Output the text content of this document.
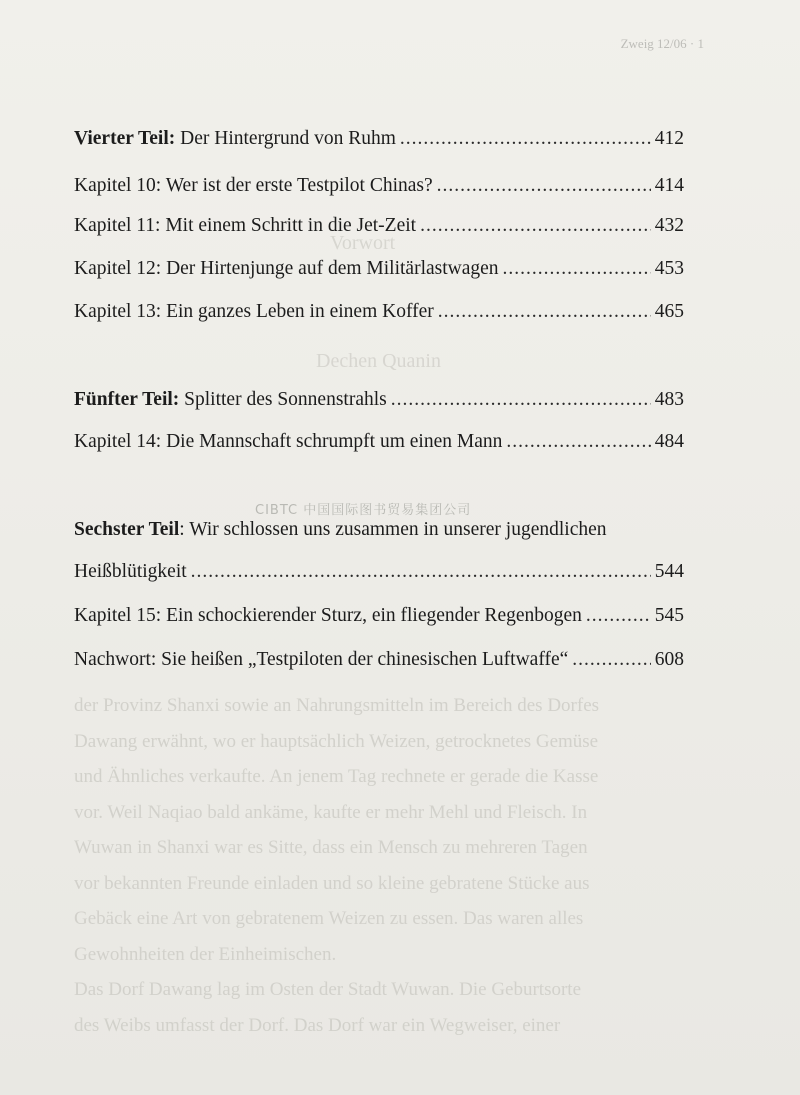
Zweig 12/06 · 1
Vorwort
Dechen Quanin
der Provinz Shanxi sowie an Nahrungsmitteln im Bereich des Dorfes
Dawang erwähnt, wo er hauptsächlich Weizen, getrocknetes Gemüse
und Ähnliches verkaufte. An jenem Tag rechnete er gerade die Kasse
vor. Weil Naqiao bald ankäme, kaufte er mehr Mehl und Fleisch. In
Wuwan in Shanxi war es Sitte, dass ein Mensch zu mehreren Tagen
vor bekannten Freunde einladen und so kleine gebratene Stücke aus
Gebäck eine Art von gebratenem Weizen zu essen. Das waren alles
Gewohnheiten der Einheimischen.
Das Dorf Dawang lag im Osten der Stadt Wuwan. Die Geburtsorte
des Weibs umfasst der Dorf. Das Dorf war ein Wegweiser, einer
CIBTC 中国国际图书贸易集团公司
Vierter Teil: Der Hintergrund von Ruhm .....	412
Kapitel 10: Wer ist der erste Testpilot Chinas? .....	414
Kapitel 11: Mit einem Schritt in die Jet-Zeit .....	432
Kapitel 12: Der Hirtenjunge auf dem Militärlastwagen .....	453
Kapitel 13: Ein ganzes Leben in einem Koffer .....	465
Fünfter Teil: Splitter des Sonnenstrahls .....	483
Kapitel 14: Die Mannschaft schrumpft um einen Mann .....	484
Sechster Teil: Wir schlossen uns zusammen in unserer jugendlichen
Heißblütigkeit .....	544
Kapitel 15: Ein schockierender Sturz, ein fliegender Regenbogen .....	545
Nachwort: Sie heißen „Testpiloten der chinesischen Luftwaffe“ .....	608
